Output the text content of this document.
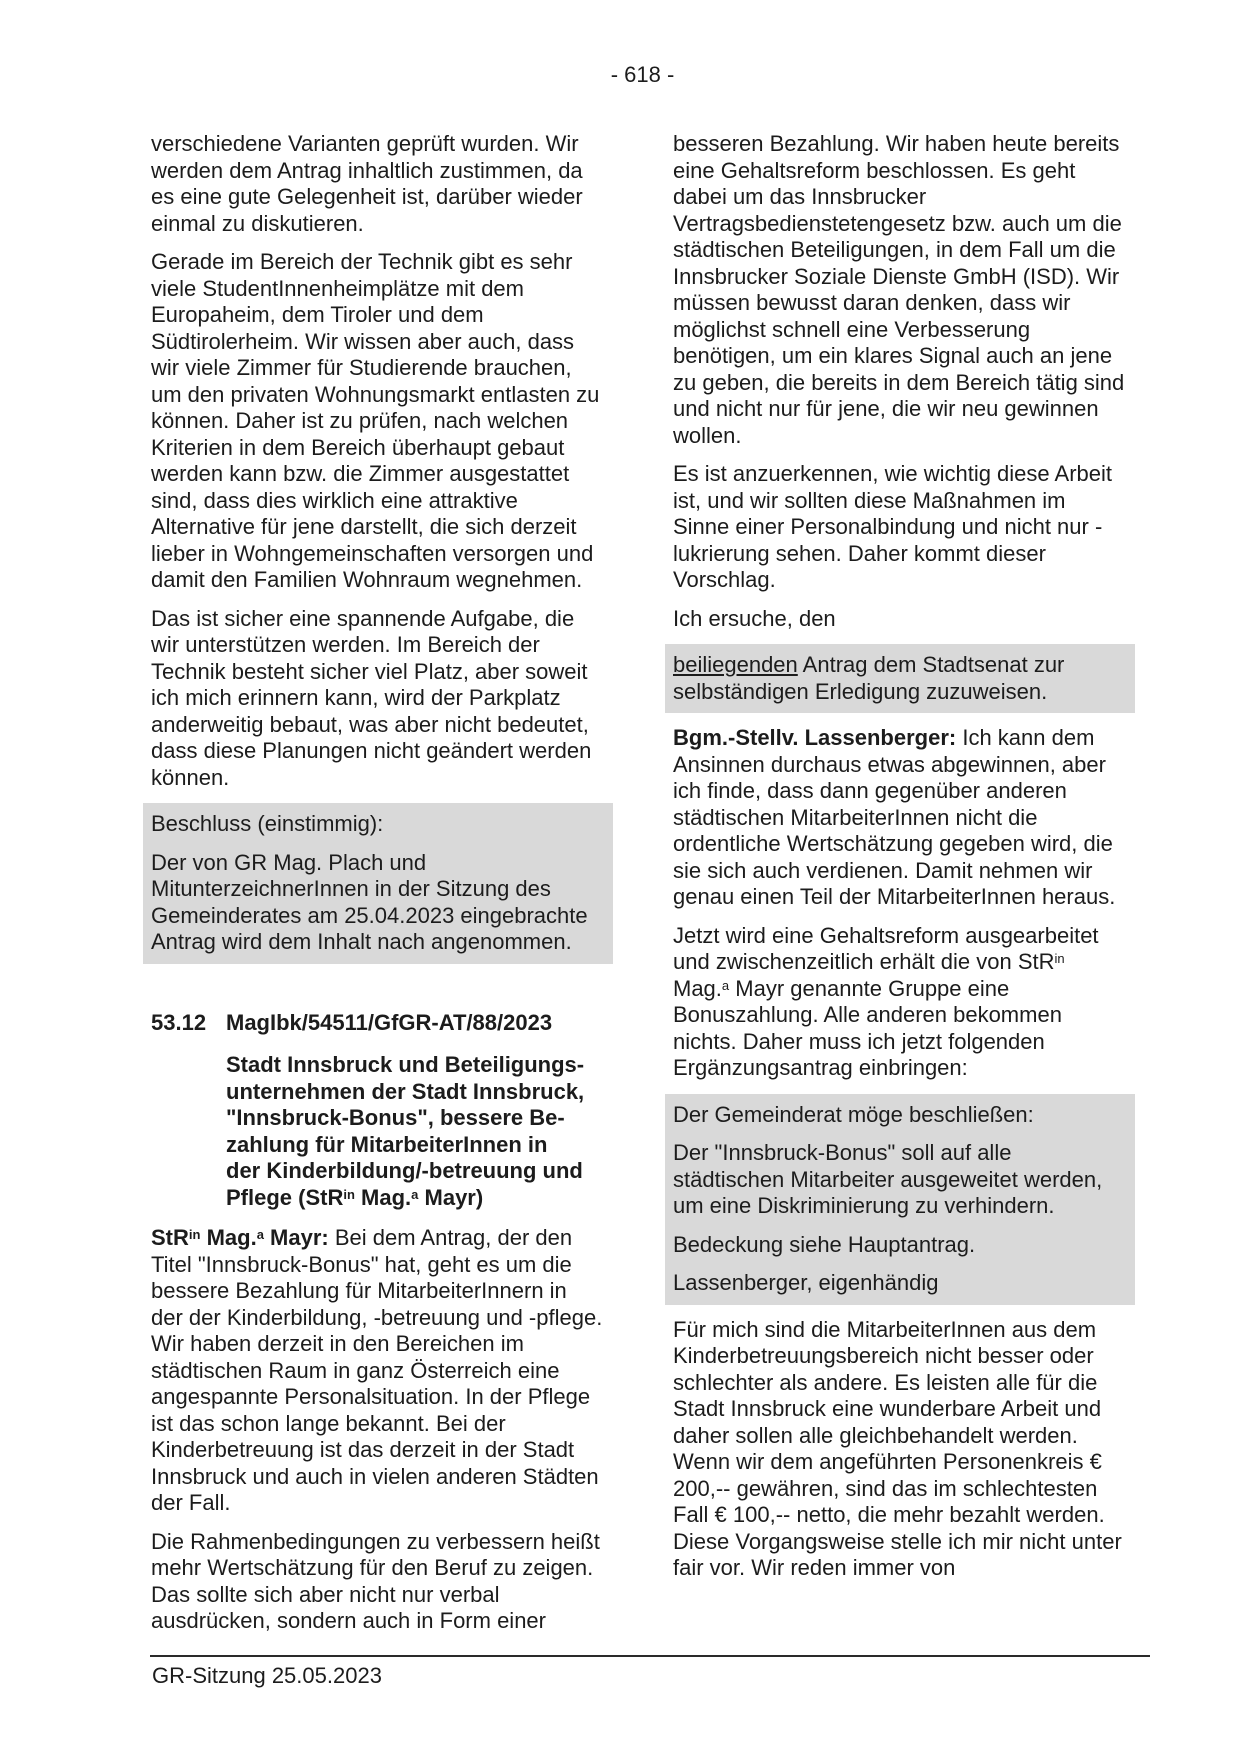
- 618 -

verschiedene Varianten geprüft wurden. Wir werden dem Antrag inhaltlich zustimmen, da es eine gute Gelegenheit ist, darüber wieder einmal zu diskutieren.

Gerade im Bereich der Technik gibt es sehr viele StudentInnenheimplätze mit dem Europaheim, dem Tiroler und dem Südtirolerheim. Wir wissen aber auch, dass wir viele Zimmer für Studierende brauchen, um den privaten Wohnungsmarkt entlasten zu können. Daher ist zu prüfen, nach welchen Kriterien in dem Bereich überhaupt gebaut werden kann bzw. die Zimmer ausgestattet sind, dass dies wirklich eine attraktive Alternative für jene darstellt, die sich derzeit lieber in Wohngemeinschaften versorgen und damit den Familien Wohnraum wegnehmen.

Das ist sicher eine spannende Aufgabe, die wir unterstützen werden. Im Bereich der Technik besteht sicher viel Platz, aber soweit ich mich erinnern kann, wird der Parkplatz anderweitig bebaut, was aber nicht bedeutet, dass diese Planungen nicht geändert werden können.

Beschluss (einstimmig):

Der von GR Mag. Plach und MitunterzeichnerInnen in der Sitzung des Gemeinderates am 25.04.2023 eingebrachte Antrag wird dem Inhalt nach angenommen.

53.12 MagIbk/54511/GfGR-AT/88/2023
Stadt Innsbruck und Beteiligungs-
unternehmen der Stadt Innsbruck,
"Innsbruck-Bonus", bessere Be-
zahlung für MitarbeiterInnen in
der Kinderbildung/-betreuung und
Pflege (StR$^{in}$ Mag.$^a$ Mayr)

StR$^{in}$ Mag.$^a$ Mayr: Bei dem Antrag, der den Titel "Innsbruck-Bonus" hat, geht es um die bessere Bezahlung für MitarbeiterInnern in der der Kinderbildung, -betreuung und -pflege. Wir haben derzeit in den Bereichen im städtischen Raum in ganz Österreich eine angespannte Personalsituation. In der Pflege ist das schon lange bekannt. Bei der Kinderbetreuung ist das derzeit in der Stadt Innsbruck und auch in vielen anderen Städten der Fall.

Die Rahmenbedingungen zu verbessern heißt mehr Wertschätzung für den Beruf zu zeigen. Das sollte sich aber nicht nur verbal ausdrücken, sondern auch in Form einer

besseren Bezahlung. Wir haben heute bereits eine Gehaltsreform beschlossen. Es geht dabei um das Innsbrucker Vertragsbedienstetengesetz bzw. auch um die städtischen Beteiligungen, in dem Fall um die Innsbrucker Soziale Dienste GmbH (ISD). Wir müssen bewusst daran denken, dass wir möglichst schnell eine Verbesserung benötigen, um ein klares Signal auch an jene zu geben, die bereits in dem Bereich tätig sind und nicht nur für jene, die wir neu gewinnen wollen.

Es ist anzuerkennen, wie wichtig diese Arbeit ist, und wir sollten diese Maßnahmen im Sinne einer Personalbindung und nicht nur -lukrierung sehen. Daher kommt dieser Vorschlag.

Ich ersuche, den

beiliegenden Antrag dem Stadtsenat zur selbständigen Erledigung zuzuweisen.

Bgm.-Stellv. Lassenberger: Ich kann dem Ansinnen durchaus etwas abgewinnen, aber ich finde, dass dann gegenüber anderen städtischen MitarbeiterInnen nicht die ordentliche Wertschätzung gegeben wird, die sie sich auch verdienen. Damit nehmen wir genau einen Teil der MitarbeiterInnen heraus.

Jetzt wird eine Gehaltsreform ausgearbeitet und zwischenzeitlich erhält die von StR$^{in}$ Mag.$^a$ Mayr genannte Gruppe eine Bonuszahlung. Alle anderen bekommen nichts. Daher muss ich jetzt folgenden Ergänzungsantrag einbringen:

Der Gemeinderat möge beschließen:

Der "Innsbruck-Bonus" soll auf alle städtischen Mitarbeiter ausgeweitet werden, um eine Diskriminierung zu verhindern.

Bedeckung siehe Hauptantrag.

Lassenberger, eigenhändig

Für mich sind die MitarbeiterInnen aus dem Kinderbetreuungsbereich nicht besser oder schlechter als andere. Es leisten alle für die Stadt Innsbruck eine wunderbare Arbeit und daher sollen alle gleichbehandelt werden. Wenn wir dem angeführten Personenkreis € 200,-- gewähren, sind das im schlechtesten Fall € 100,-- netto, die mehr bezahlt werden. Diese Vorgangsweise stelle ich mir nicht unter fair vor. Wir reden immer von

GR-Sitzung 25.05.2023
